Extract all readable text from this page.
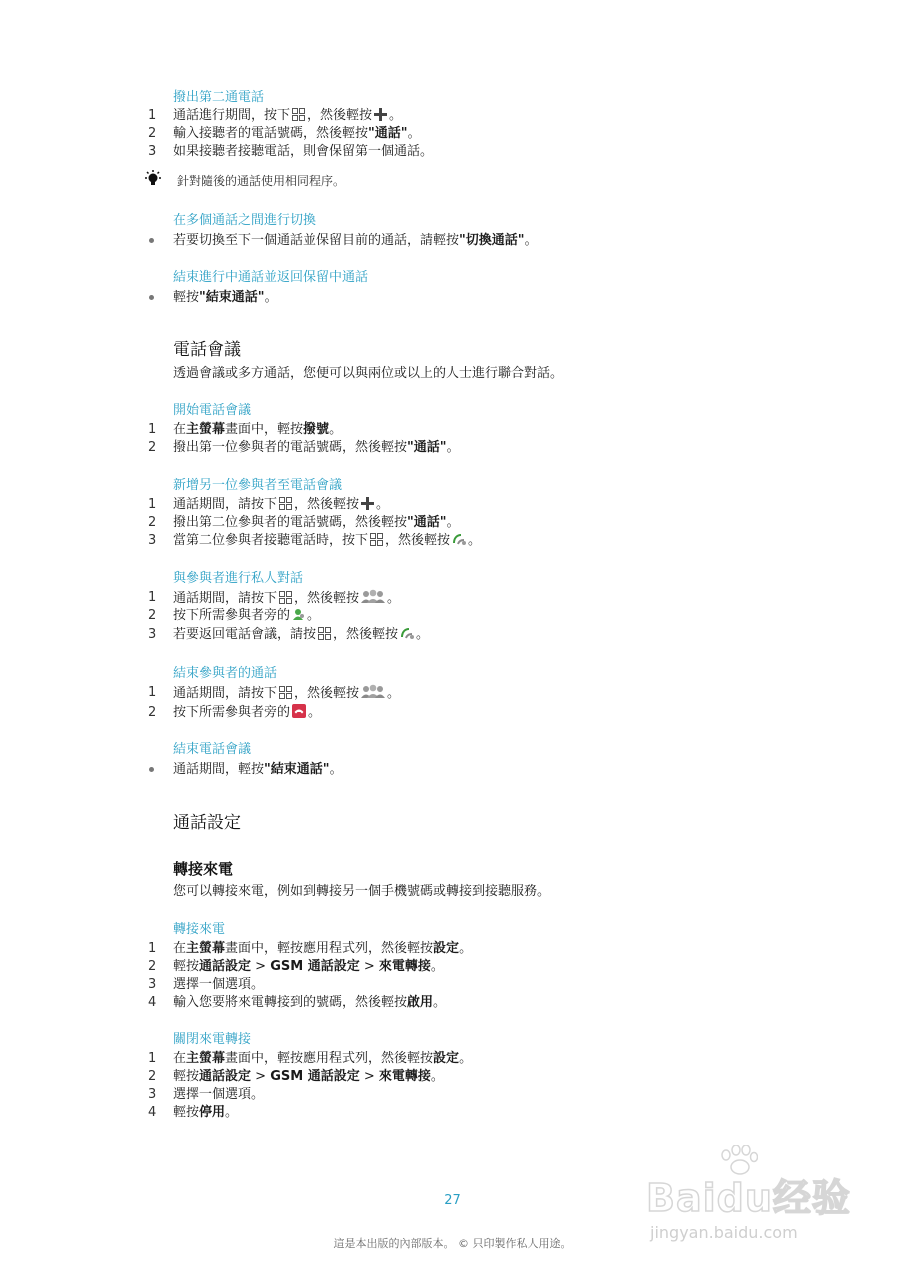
撥出第二通電話
1 通話進行期間，按下 ，然後輕按 。
2 輸入接聽者的電話號碼，然後輕按"通話"。
3 如果接聽者接聽電話，則會保留第一個通話。
針對隨後的通話使用相同程序。
在多個通話之間進行切換
若要切換至下一個通話並保留目前的通話，請輕按"切換通話"。
結束進行中通話並返回保留中通話
輕按"結束通話"。
電話會議
透過會議或多方通話，您便可以與兩位或以上的人士進行聯合對話。
開始電話會議
1 在主螢幕畫面中，輕按撥號。
2 撥出第一位參與者的電話號碼，然後輕按"通話"。
新增另一位參與者至電話會議
1 通話期間，請按下 ，然後輕按 。
2 撥出第二位參與者的電話號碼，然後輕按"通話"。
3 當第二位參與者接聽電話時，按下 ，然後輕按 。
與參與者進行私人對話
1 通話期間，請按下 ，然後輕按 。
2 按下所需參與者旁的 。
3 若要返回電話會議，請按 ，然後輕按 。
結束參與者的通話
1 通話期間，請按下 ，然後輕按 。
2 按下所需參與者旁的 。
結束電話會議
通話期間，輕按"結束通話"。
通話設定
轉接來電
您可以轉接來電，例如到轉接另一個手機號碼或轉接到接聽服務。
轉接來電
1 在主螢幕畫面中，輕按應用程式列，然後輕按設定。
2 輕按通話設定 > GSM 通話設定 > 來電轉接。
3 選擇一個選項。
4 輸入您要將來電轉接到的號碼，然後輕按啟用。
關閉來電轉接
1 在主螢幕畫面中，輕按應用程式列，然後輕按設定。
2 輕按通話設定 > GSM 通話設定 > 來電轉接。
3 選擇一個選項。
4 輕按停用。
27
這是本出版的內部版本。 © 只印製作私人用途。
Baidu经验
jingyan.baidu.com
